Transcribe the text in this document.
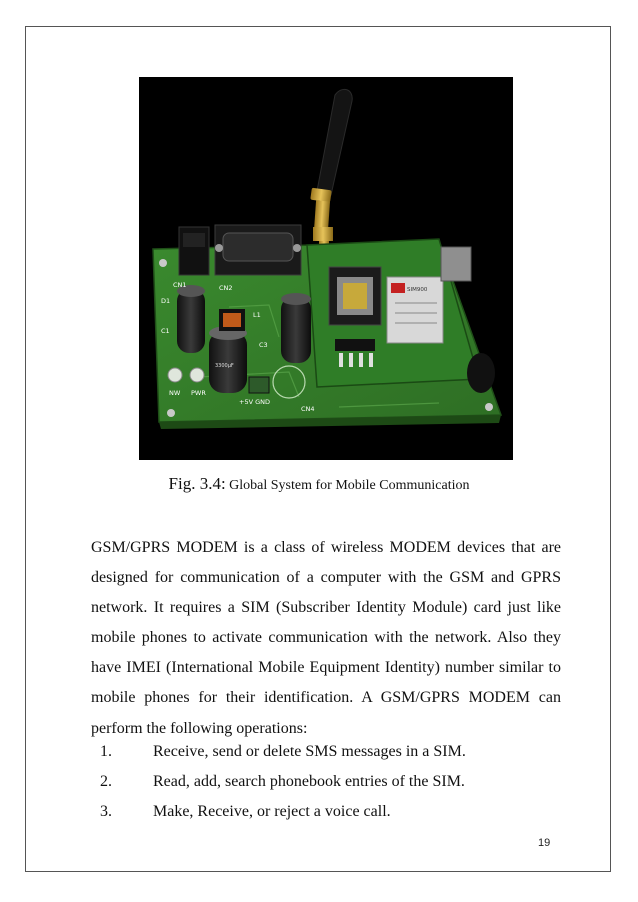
CN1	CN2
D1
C1
C3
L1
NW PWR
+5V GND
CN4
SIM900
3300µF
Fig. 3.4: Global System for Mobile Communication

GSM/GPRS MODEM is a class of wireless MODEM devices that are designed for communication of a computer with the GSM and GPRS network. It requires a SIM (Subscriber Identity Module) card just like mobile phones to activate communication with the network. Also they have IMEI (International Mobile Equipment Identity) number similar to mobile phones for their identification. A GSM/GPRS MODEM can perform the following operations:

1.	Receive, send or delete SMS messages in a SIM.
2.	Read, add, search phonebook entries of the SIM.
3.	Make, Receive, or reject a voice call.
19
